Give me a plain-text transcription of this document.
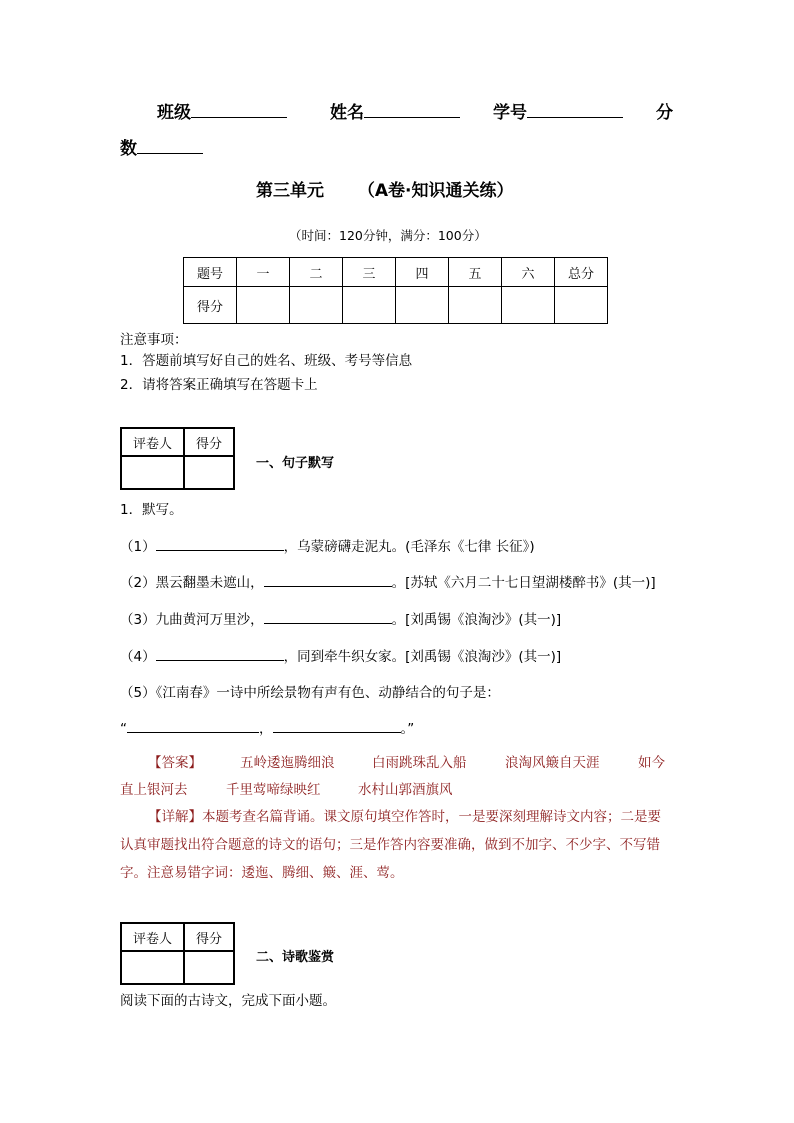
班级	姓名	学号	分
数
第三单元 （A卷·知识通关练）
（时间：120分钟，满分：100分）
题号	一	二	三	四	五	六	总分
得分							
注意事项：
1．答题前填写好自己的姓名、班级、考号等信息
2．请将答案正确填写在答题卡上
评卷人	得分

一、句子默写
1．默写。
（1）	，乌蒙磅礴走泥丸。(毛泽东《七律 长征》)
（2）黑云翻墨未遮山，	。[苏轼《六月二十七日望湖楼醉书》(其一)]
（3）九曲黄河万里沙，	。[刘禹锡《浪淘沙》(其一)]
（4）	，同到牵牛织女家。[刘禹锡《浪淘沙》(其一)]
（5）《江南春》一诗中所绘景物有声有色、动静结合的句子是：
“	，	。”
【答案】	五岭逶迤腾细浪	白雨跳珠乱入船	浪淘风簸自天涯	如今
直上银河去	千里莺啼绿映红	水村山郭酒旗风
【详解】本题考查名篇背诵。课文原句填空作答时，一是要深刻理解诗文内容；二是要
认真审题找出符合题意的诗文的语句；三是作答内容要准确，做到不加字、不少字、不写错
字。注意易错字词：逶迤、腾细、簸、涯、莺。
评卷人	得分

二、诗歌鉴赏
阅读下面的古诗文，完成下面小题。
